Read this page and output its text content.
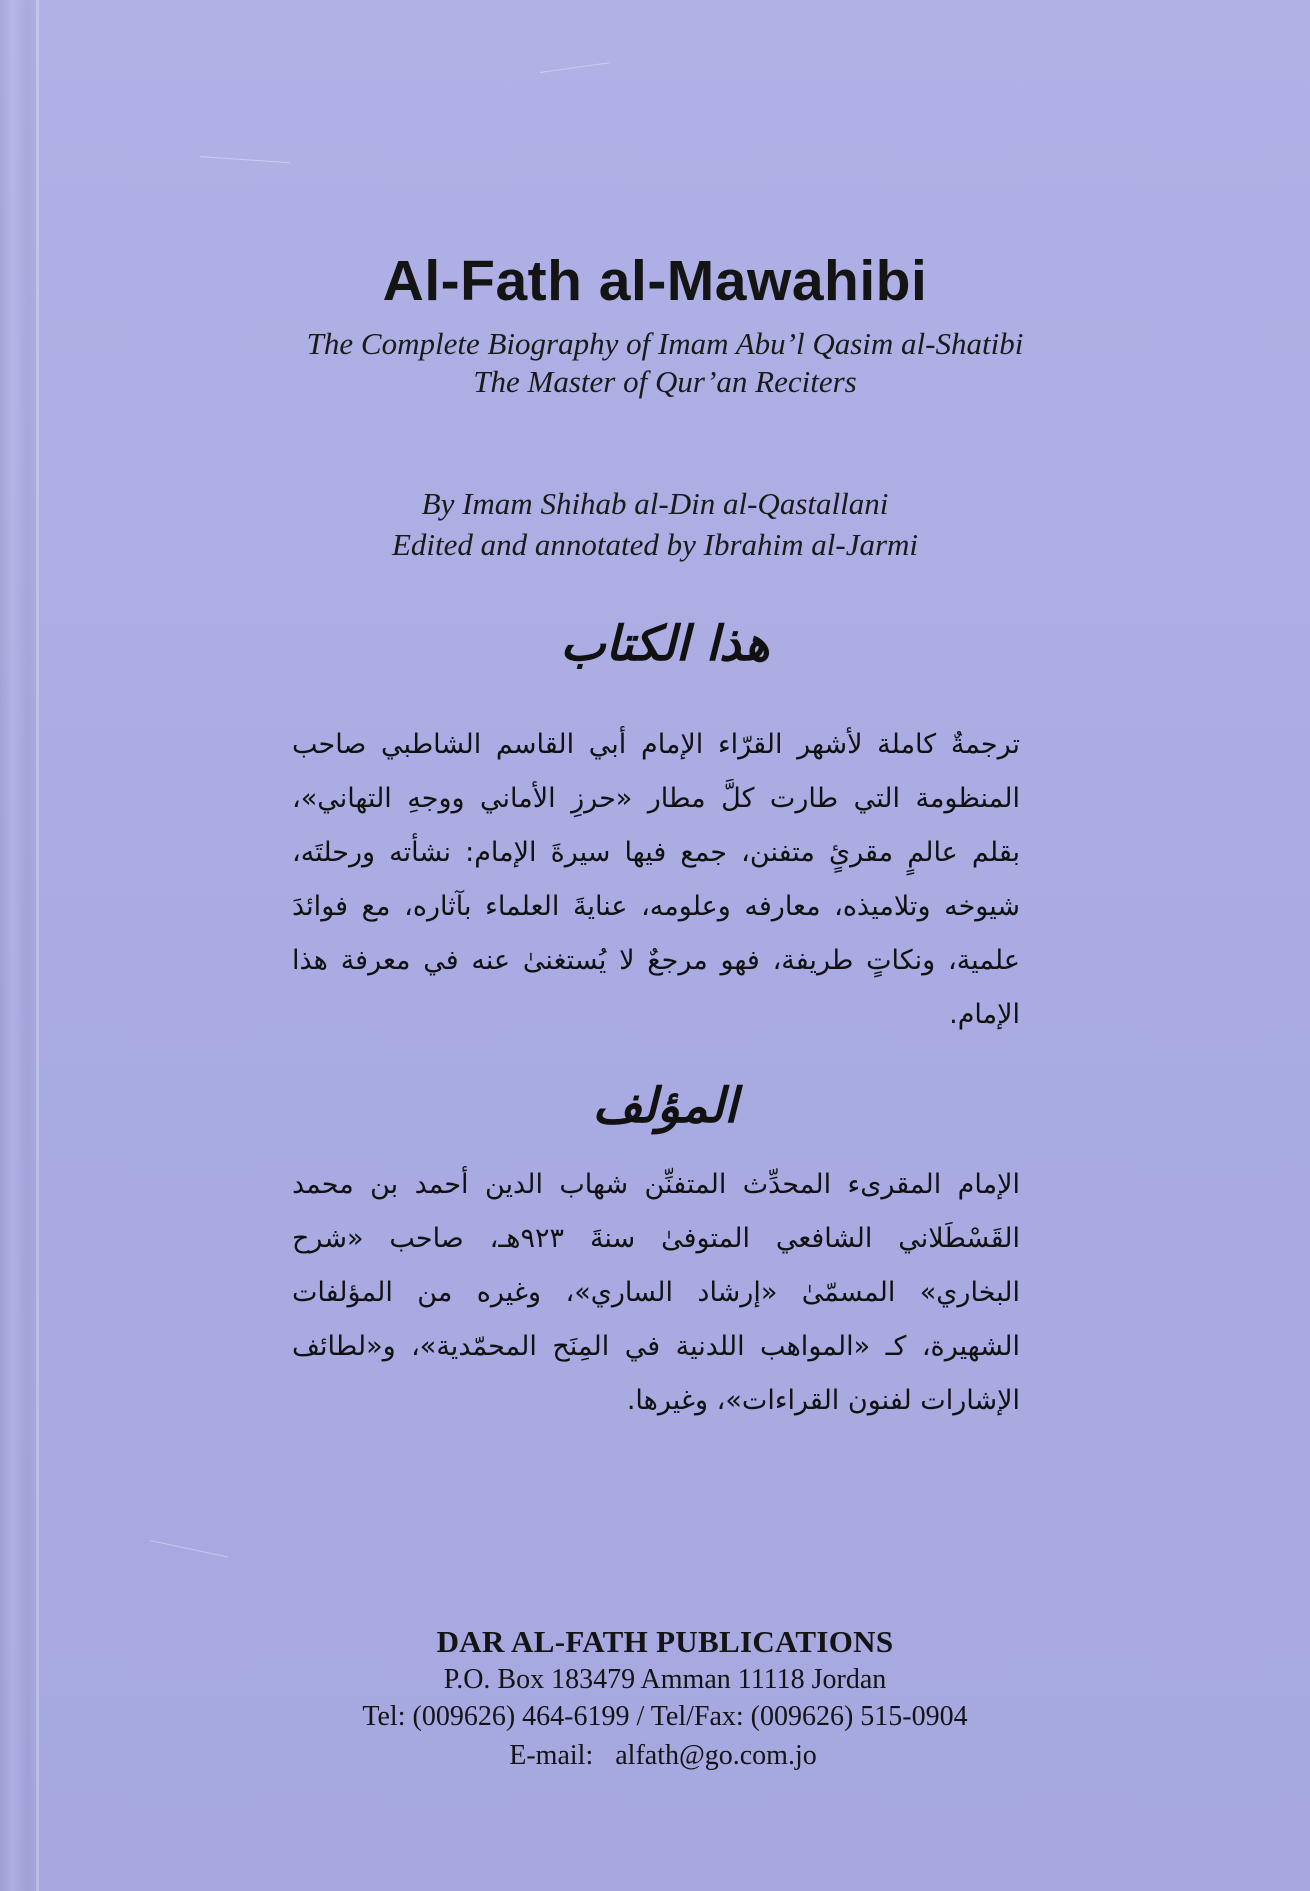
Al-Fath al-Mawahibi
The Complete Biography of Imam Abu’l Qasim al-Shatibi
The Master of Qur’an Reciters
By Imam Shihab al-Din al-Qastallani
Edited and annotated by Ibrahim al-Jarmi
هذا الكتاب
ترجمةٌ كاملة لأشهر القرّاء الإمام أبي القاسم الشاطبي صاحب المنظومة التي طارت كلَّ مطار «حرزِ الأماني ووجهِ التهاني»، بقلم عالمٍ مقرئٍ متفنن، جمع فيها سيرةَ الإمام: نشأته ورحلتَه، شيوخه وتلاميذه، معارفه وعلومه، عنايةَ العلماء بآثاره، مع فوائدَ علمية، ونكاتٍ طريفة، فهو مرجعٌ لا يُستغنىٰ عنه في معرفة هذا الإمام.
المؤلف
الإمام المقرىء المحدِّث المتفنِّن شهاب الدين أحمد بن محمد القَسْطَلاني الشافعي المتوفىٰ سنةَ ٩٢٣هـ، صاحب «شرح البخاري» المسمّىٰ «إرشاد الساري»، وغيره من المؤلفات الشهيرة، كـ «المواهب اللدنية في المِنَح المحمّدية»، و«لطائف الإشارات لفنون القراءات»، وغيرها.
DAR AL-FATH PUBLICATIONS
P.O. Box 183479 Amman 11118 Jordan
Tel: (009626) 464-6199 / Tel/Fax: (009626) 515-0904
E-mail: alfath@go.com.jo
